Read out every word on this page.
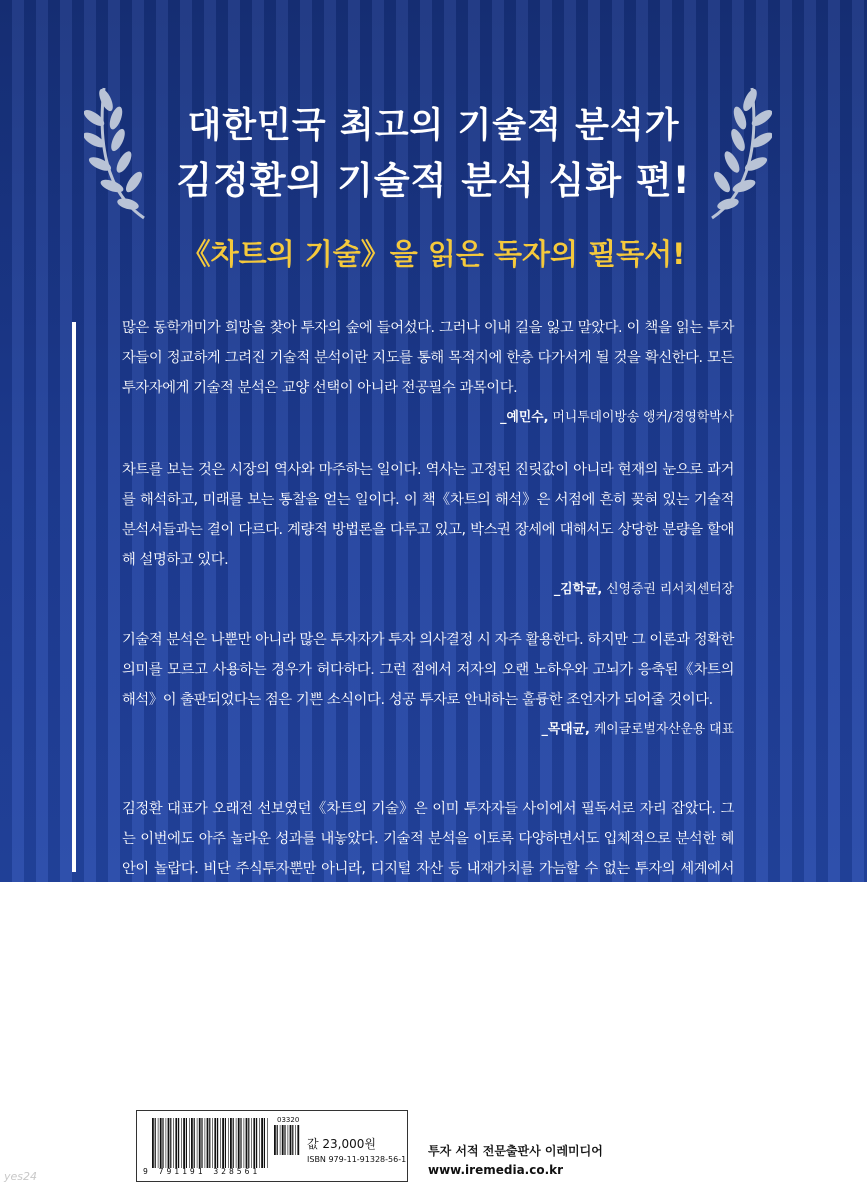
대한민국 최고의 기술적 분석가
김정환의 기술적 분석 심화 편!
《차트의 기술》을 읽은 독자의 필독서!

많은 동학개미가 희망을 찾아 투자의 숲에 들어섰다. 그러나 이내 길을 잃고 말았다. 이 책을 읽는 투자자들이 정교하게 그려진 기술적 분석이란 지도를 통해 목적지에 한층 다가서게 될 것을 확신한다. 모든 투자자에게 기술적 분석은 교양 선택이 아니라 전공필수 과목이다.

_예민수, 머니투데이방송 앵커/경영학박사

차트를 보는 것은 시장의 역사와 마주하는 일이다. 역사는 고정된 진릿값이 아니라 현재의 눈으로 과거를 해석하고, 미래를 보는 통찰을 얻는 일이다. 이 책《차트의 해석》은 서점에 흔히 꽂혀 있는 기술적 분석서들과는 결이 다르다. 계량적 방법론을 다루고 있고, 박스권 장세에 대해서도 상당한 분량을 할애해 설명하고 있다.

_김학균, 신영증권 리서치센터장

기술적 분석은 나뿐만 아니라 많은 투자자가 투자 의사결정 시 자주 활용한다. 하지만 그 이론과 정확한 의미를 모르고 사용하는 경우가 허다하다. 그런 점에서 저자의 오랜 노하우와 고뇌가 응축된《차트의 해석》이 출판되었다는 점은 기쁜 소식이다. 성공 투자로 안내하는 훌륭한 조언자가 되어줄 것이다.

_목대균, 케이글로벌자산운용 대표

김정환 대표가 오래전 선보였던《차트의 기술》은 이미 투자자들 사이에서 필독서로 자리 잡았다. 그는 이번에도 아주 놀라운 성과를 내놓았다. 기술적 분석을 이토록 다양하면서도 입체적으로 분석한 혜안이 놀랍다. 비단 주식투자뿐만 아니라, 디지털 자산 등 내재가치를 가늠할 수 없는 투자의 세계에서 치열하게 생존을 고민하는 투자자들에게 이 책은 든든한 나침반이 되어줄 것이다.

_배준희, <매경이코노미> 기자
9 791191 328561
03320
값 23,000원
ISBN 979-11-91328-56-1
투자 서적 전문출판사 이레미디어
www.iremedia.co.kr
yes24
